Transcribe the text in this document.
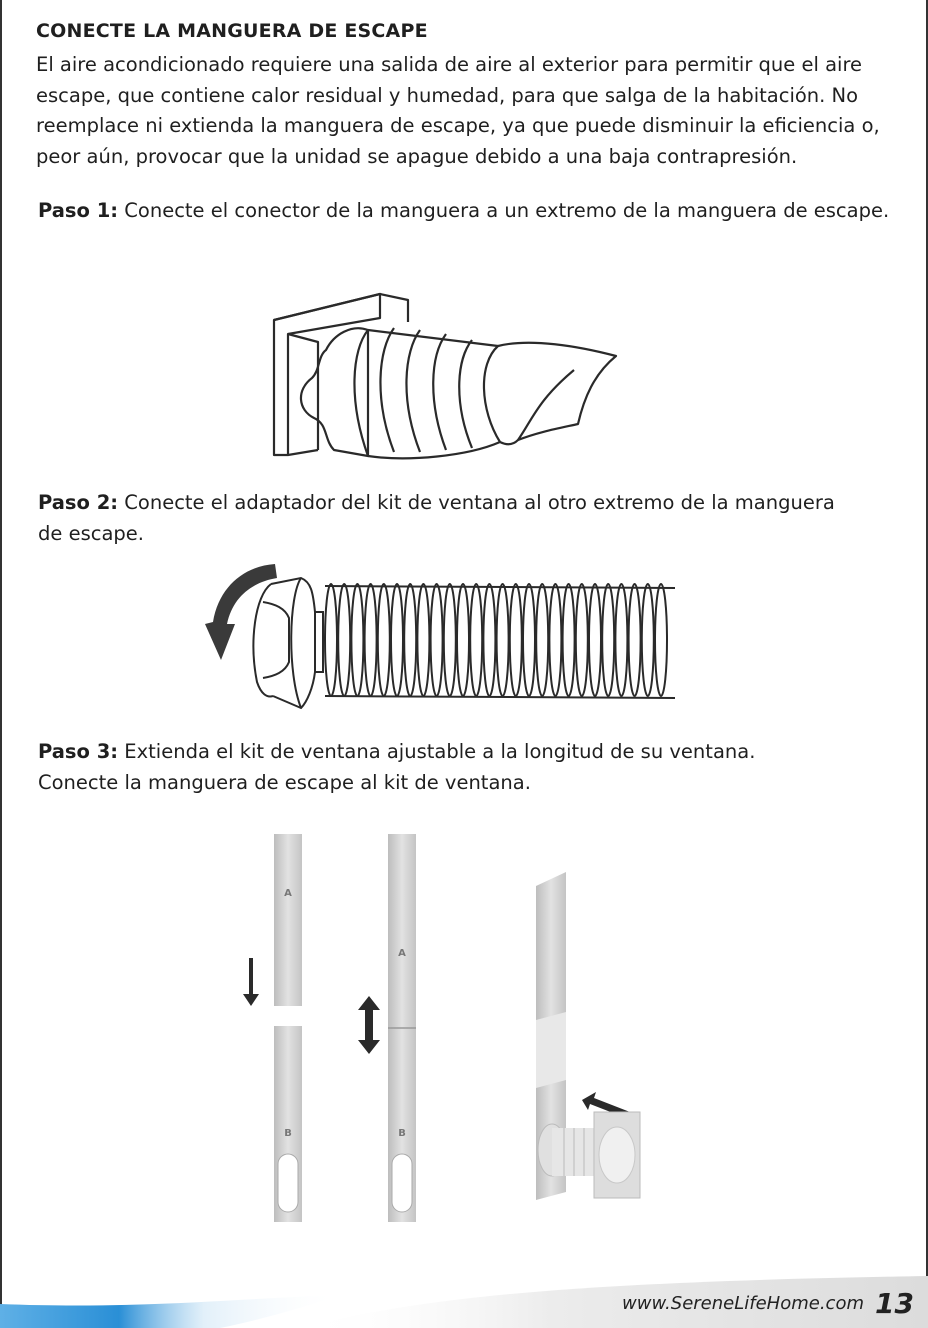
CONECTE LA MANGUERA DE ESCAPE
El aire acondicionado requiere una salida de aire al exterior para permitir que el aire escape, que contiene calor residual y humedad, para que salga de la habitación. No reemplace ni extienda la manguera de escape, ya que puede disminuir la eficiencia o, peor aún, provocar que la unidad se apague debido a una baja contrapresión.
Paso 1: Conecte el conector de la manguera a un extremo de la manguera de escape.
Paso 2: Conecte el adaptador del kit de ventana al otro extremo de la manguera de escape.
Paso 3: Extienda el kit de ventana ajustable a la longitud de su ventana.
Conecte la manguera de escape al kit de ventana.
A
B
A
B
www.SereneLifeHome.com 13
